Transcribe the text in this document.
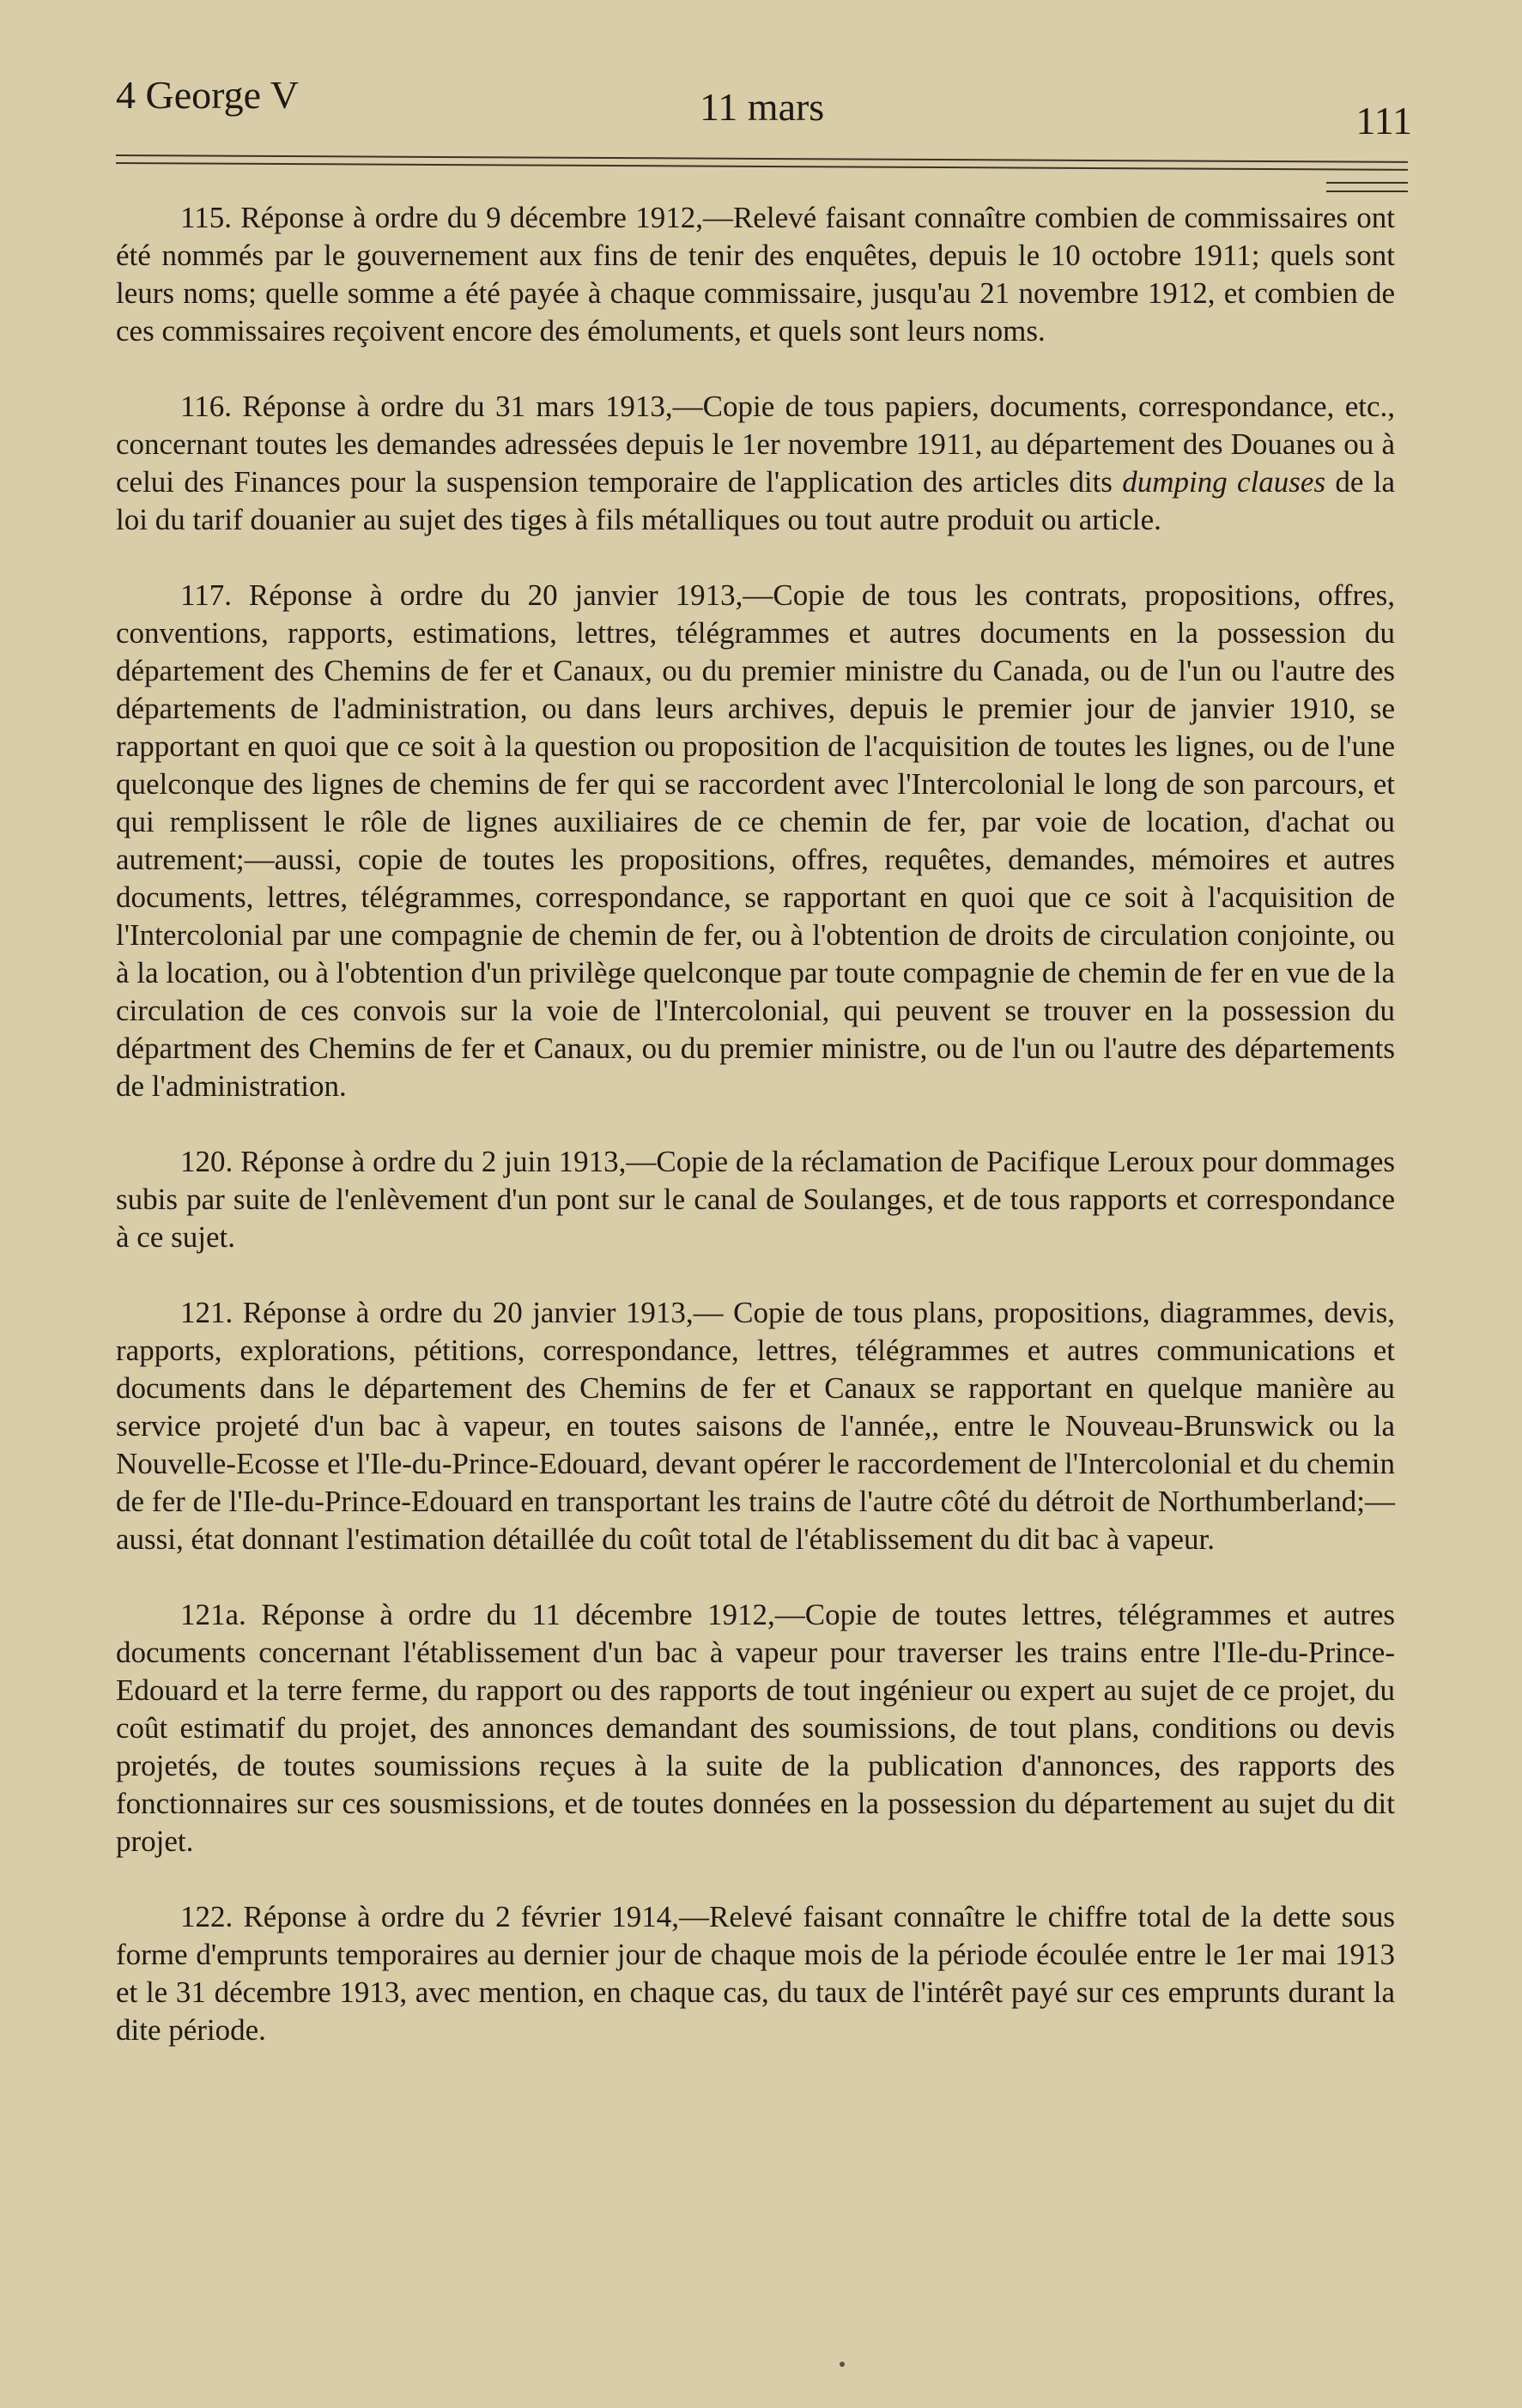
4 George V	11 mars	111

115. Réponse à ordre du 9 décembre 1912,—Relevé faisant connaître combien de commissaires ont été nommés par le gouvernement aux fins de tenir des enquêtes, depuis le 10 octobre 1911; quels sont leurs noms; quelle somme a été payée à chaque commissaire, jusqu'au 21 novembre 1912, et combien de ces commissaires reçoivent encore des émoluments, et quels sont leurs noms.

116. Réponse à ordre du 31 mars 1913,—Copie de tous papiers, documents, correspondance, etc., concernant toutes les demandes adressées depuis le 1er novembre 1911, au département des Douanes ou à celui des Finances pour la suspension temporaire de l'application des articles dits dumping clauses de la loi du tarif douanier au sujet des tiges à fils métalliques ou tout autre produit ou article.

117. Réponse à ordre du 20 janvier 1913,—Copie de tous les contrats, propositions, offres, conventions, rapports, estimations, lettres, télégrammes et autres documents en la possession du département des Chemins de fer et Canaux, ou du premier ministre du Canada, ou de l'un ou l'autre des départements de l'administration, ou dans leurs archives, depuis le premier jour de janvier 1910, se rapportant en quoi que ce soit à la question ou proposition de l'acquisition de toutes les lignes, ou de l'une quelconque des lignes de chemins de fer qui se raccordent avec l'Intercolonial le long de son parcours, et qui remplissent le rôle de lignes auxiliaires de ce chemin de fer, par voie de location, d'achat ou autrement;—aussi, copie de toutes les propositions, offres, requêtes, demandes, mémoires et autres documents, lettres, télégrammes, correspondance, se rapportant en quoi que ce soit à l'acquisition de l'Intercolonial par une compagnie de chemin de fer, ou à l'obtention de droits de circulation conjointe, ou à la location, ou à l'obtention d'un privilège quelconque par toute compagnie de chemin de fer en vue de la circulation de ces convois sur la voie de l'Intercolonial, qui peuvent se trouver en la possession du départment des Chemins de fer et Canaux, ou du premier ministre, ou de l'un ou l'autre des départements de l'administration.

120. Réponse à ordre du 2 juin 1913,—Copie de la réclamation de Pacifique Leroux pour dommages subis par suite de l'enlèvement d'un pont sur le canal de Soulanges, et de tous rapports et correspondance à ce sujet.

121. Réponse à ordre du 20 janvier 1913,— Copie de tous plans, propositions, diagrammes, devis, rapports, explorations, pétitions, correspondance, lettres, télégrammes et autres communications et documents dans le département des Chemins de fer et Canaux se rapportant en quelque manière au service projeté d'un bac à vapeur, en toutes saisons de l'année,, entre le Nouveau-Brunswick ou la Nouvelle-Ecosse et l'Ile-du-Prince-Edouard, devant opérer le raccordement de l'Intercolonial et du chemin de fer de l'Ile-du-Prince-Edouard en transportant les trains de l'autre côté du détroit de Northumberland;—aussi, état donnant l'estimation détaillée du coût total de l'établissement du dit bac à vapeur.

121a. Réponse à ordre du 11 décembre 1912,—Copie de toutes lettres, télégrammes et autres documents concernant l'établissement d'un bac à vapeur pour traverser les trains entre l'Ile-du-Prince-Edouard et la terre ferme, du rapport ou des rapports de tout ingénieur ou expert au sujet de ce projet, du coût estimatif du projet, des annonces demandant des soumissions, de tout plans, conditions ou devis projetés, de toutes soumissions reçues à la suite de la publication d'annonces, des rapports des fonctionnaires sur ces sousmissions, et de toutes données en la possession du département au sujet du dit projet.

122. Réponse à ordre du 2 février 1914,—Relevé faisant connaître le chiffre total de la dette sous forme d'emprunts temporaires au dernier jour de chaque mois de la période écoulée entre le 1er mai 1913 et le 31 décembre 1913, avec mention, en chaque cas, du taux de l'intérêt payé sur ces emprunts durant la dite période.
